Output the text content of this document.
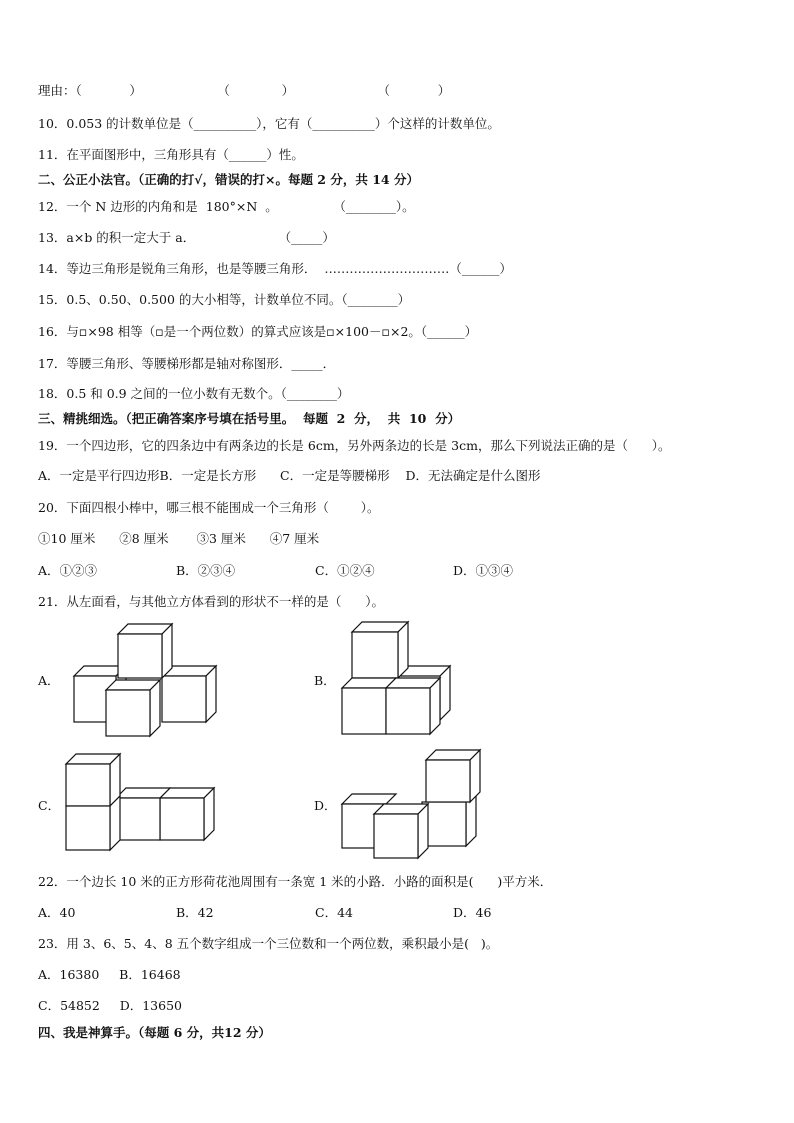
理由：（            ）                   （             ）                     （            ）
10．0.053 的计数单位是（__________），它有（__________）个这样的计数单位。
11．在平面图形中，三角形具有（______）性。
二、公正小法官。（正确的打√，错误的打×。每题 2 分，共 14 分）
12．一个 N 边形的内角和是  180°×N  。              （________）。
13．a×b 的积一定大于 a．                     （_____）
14．等边三角形是锐角三角形，也是等腰三角形．  …………………………（______）
15．0.5、0.50、0.500 的大小相等，计数单位不同。（________）
16．与▫×98 相等（▫是一个两位数）的算式应该是▫×100－▫×2。（______）
17．等腰三角形、等腰梯形都是轴对称图形．_____．
18．0.5 和 0.9 之间的一位小数有无数个。（________）
三、精挑细选。（把正确答案序号填在括号里。  每题  2  分，  共  10  分）
19．一个四边形，它的四条边中有两条边的长是 6cm，另外两条边的长是 3cm，那么下列说法正确的是（      ）。
A．一定是平行四边形B．一定是长方形      C．一定是等腰梯形    D．无法确定是什么图形
20．下面四根小棒中，哪三根不能围成一个三角形（        ）。
①10 厘米      ②8 厘米       ③3 厘米      ④7 厘米
A．①②③	B．②③④	C．①②④	D．①③④
21．从左面看，与其他立方体看到的形状不一样的是（      ）。
A．	B．
C．	D．
22．一个边长 10 米的正方形荷花池周围有一条宽 1 米的小路．小路的面积是(      )平方米．
A．40	B．42	C．44	D．46
23．用 3、6、5、4、8 五个数字组成一个三位数和一个两位数，乘积最小是(   )。
A．16380     B．16468
C．54852     D．13650
四、我是神算手。（每题 6 分，共12 分）
